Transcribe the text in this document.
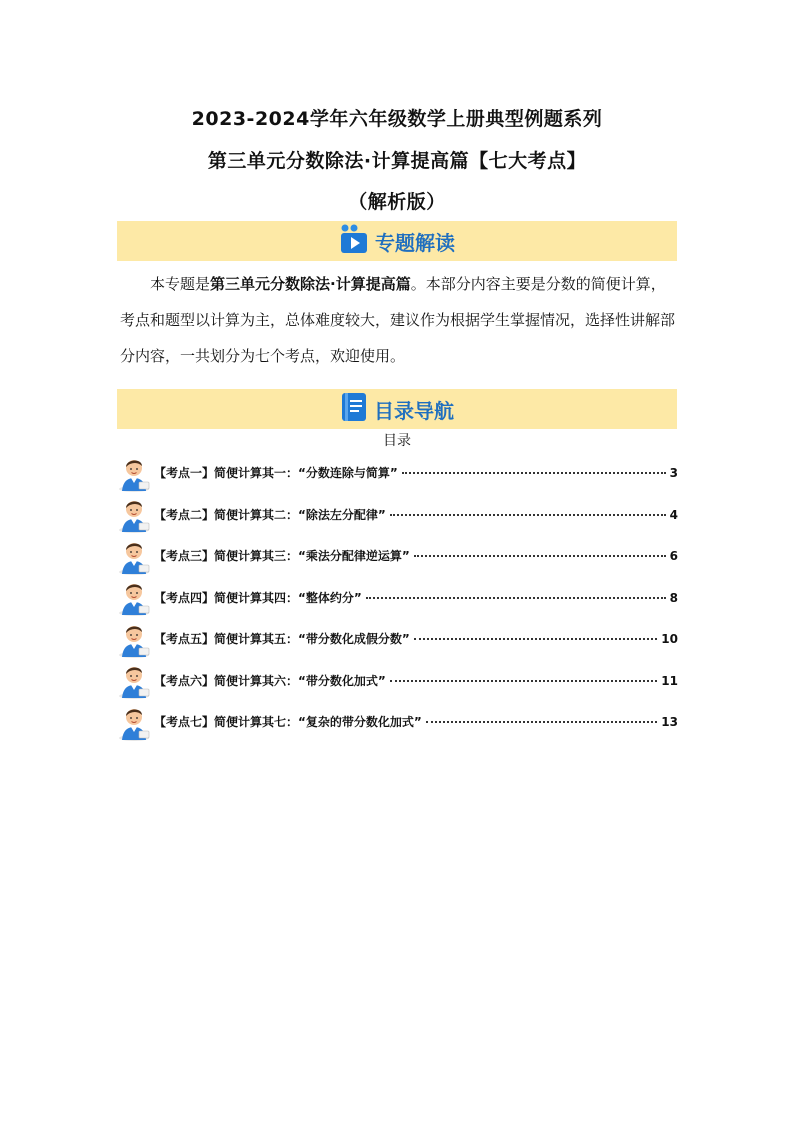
2023-2024学年六年级数学上册典型例题系列
第三单元分数除法·计算提高篇【七大考点】
（解析版）
专题解读
本专题是第三单元分数除法·计算提高篇。本部分内容主要是分数的简便计算，考点和题型以计算为主，总体难度较大，建议作为根据学生掌握情况，选择性讲解部分内容，一共划分为七个考点，欢迎使用。
目录导航
目录
【考点一】简便计算其一：“分数连除与简算”	3
【考点二】简便计算其二：“除法左分配律”	4
【考点三】简便计算其三：“乘法分配律逆运算”	6
【考点四】简便计算其四：“整体约分”	8
【考点五】简便计算其五：“带分数化成假分数”	10
【考点六】简便计算其六：“带分数化加式”	11
【考点七】简便计算其七：“复杂的带分数化加式”	13
